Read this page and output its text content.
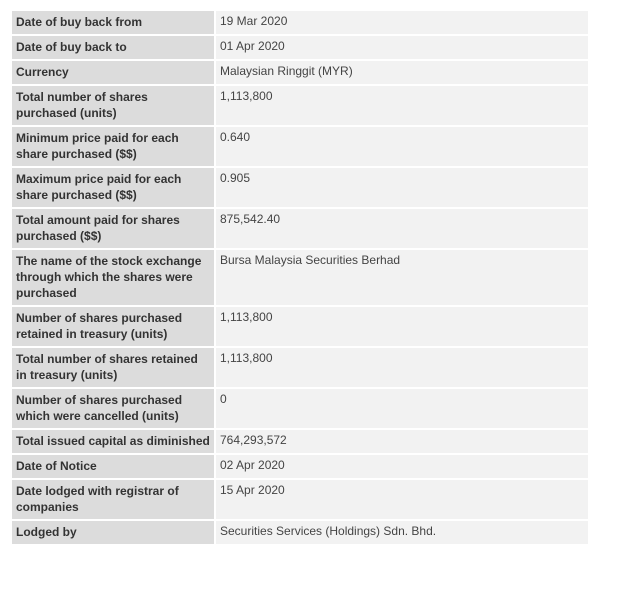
Date of buy back from	19 Mar 2020
Date of buy back to	01 Apr 2020
Currency	Malaysian Ringgit (MYR)
Total number of shares purchased (units)	1,113,800
Minimum price paid for each share purchased ($$)	0.640
Maximum price paid for each share purchased ($$)	0.905
Total amount paid for shares purchased ($$)	875,542.40
The name of the stock exchange through which the shares were purchased	Bursa Malaysia Securities Berhad
Number of shares purchased retained in treasury (units)	1,113,800
Total number of shares retained in treasury (units)	1,113,800
Number of shares purchased which were cancelled (units)	0
Total issued capital as diminished	764,293,572
Date of Notice	02 Apr 2020
Date lodged with registrar of companies	15 Apr 2020
Lodged by	Securities Services (Holdings) Sdn. Bhd.
